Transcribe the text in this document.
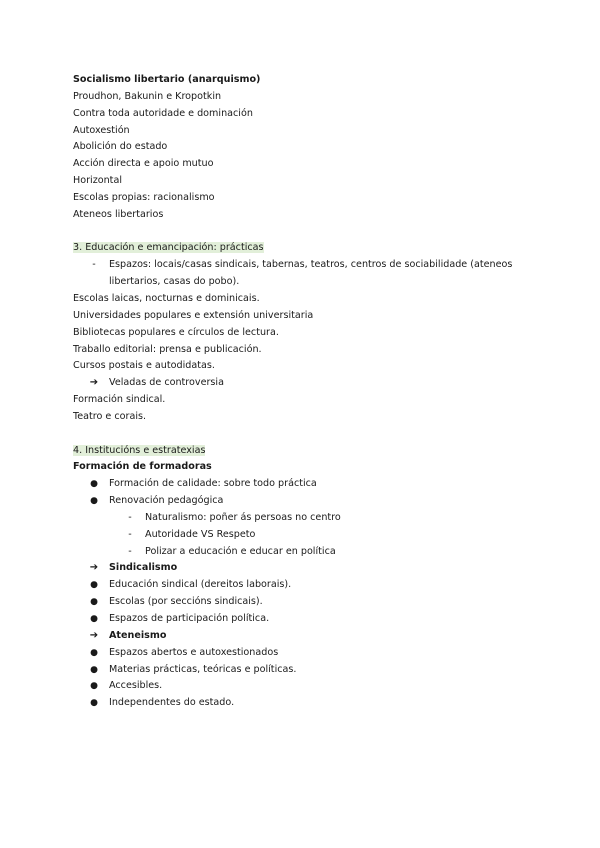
Socialismo libertario (anarquismo)
Proudhon, Bakunin e Kropotkin
Contra toda autoridade e dominación
Autoxestión
Abolición do estado
Acción directa e apoio mutuo
Horizontal
Escolas propias: racionalismo
Ateneos libertarios
3. Educación e emancipación: prácticas
-	Espazos: locais/casas sindicais, tabernas, teatros, centros de sociabilidade (ateneos
libertarios, casas do pobo).
Escolas laicas, nocturnas e dominicais.
Universidades populares e extensión universitaria
Bibliotecas populares e círculos de lectura.
Traballo editorial: prensa e publicación.
Cursos postais e autodidatas.
➔ Veladas de controversia
Formación sindical.
Teatro e corais.
4. Institucións e estratexias
Formación de formadoras
●	Formación de calidade: sobre todo práctica
●	Renovación pedagógica
-	Naturalismo: poñer ás persoas no centro
-	Autoridade VS Respeto
-	Polizar a educación e educar en política
➔ Sindicalismo
●	Educación sindical (dereitos laborais).
●	Escolas (por seccións sindicais).
●	Espazos de participación política.
➔ Ateneismo
●	Espazos abertos e autoxestionados
●	Materias prácticas, teóricas e políticas.
●	Accesibles.
●	Independentes do estado.
